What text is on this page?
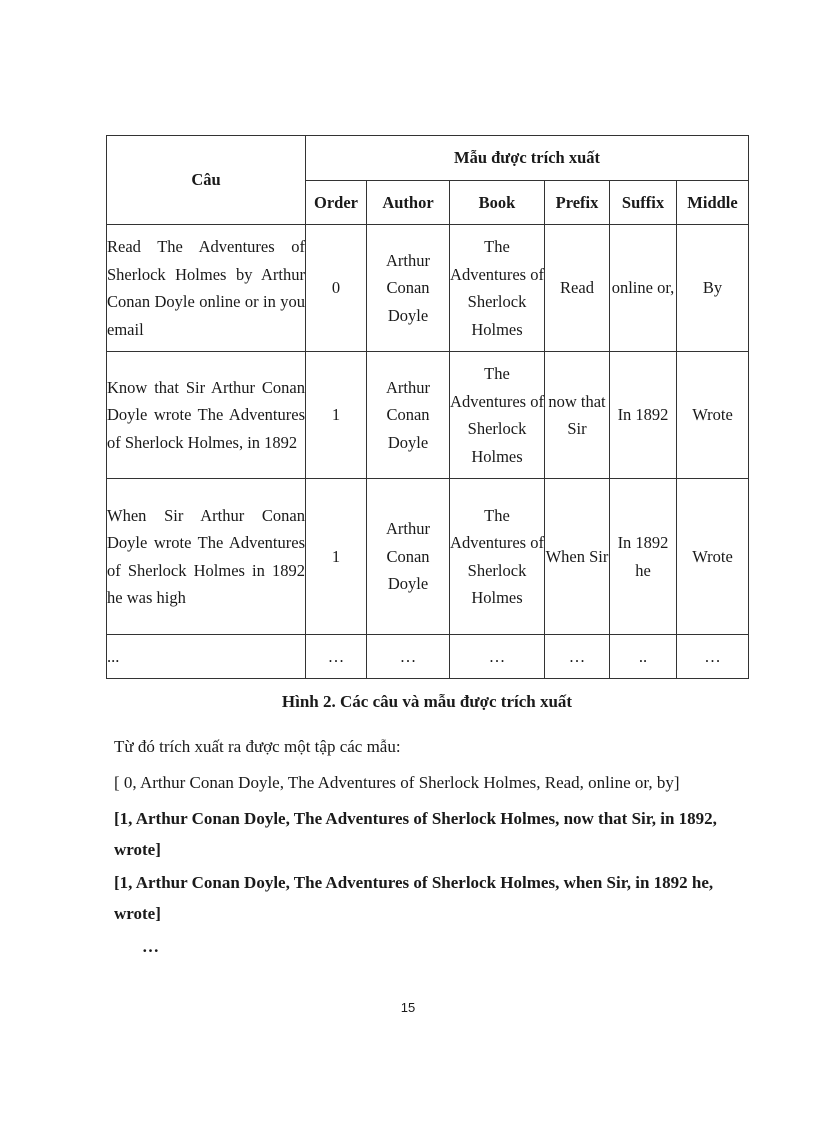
Câu	Mẫu được trích xuất					
	Order	Author	Book	Prefix	Suffix	Middle
Read The Adventures of Sherlock Holmes by Arthur Conan Doyle online or in you email	0	Arthur Conan Doyle	The Adventures of Sherlock Holmes	Read	online or,	By
Know that Sir Arthur Conan Doyle wrote The Adventures of Sherlock Holmes, in 1892	1	Arthur Conan Doyle	The Adventures of Sherlock Holmes	now that Sir	In 1892	Wrote
When Sir Arthur Conan Doyle wrote The Adventures of Sherlock Holmes in 1892 he was high	1	Arthur Conan Doyle	The Adventures of Sherlock Holmes	When Sir	In 1892 he	Wrote
...	…	…	…	…	..	…
Hình 2. Các câu và mẫu được trích xuất
Từ đó trích xuất ra được một tập các mẫu:
[ 0, Arthur Conan Doyle, The Adventures of Sherlock Holmes, Read, online or, by]
[1, Arthur Conan Doyle, The Adventures of Sherlock Holmes, now that Sir, in 1892, wrote]
[1, Arthur Conan Doyle, The Adventures of Sherlock Holmes, when Sir, in 1892 he, wrote]
…
15
